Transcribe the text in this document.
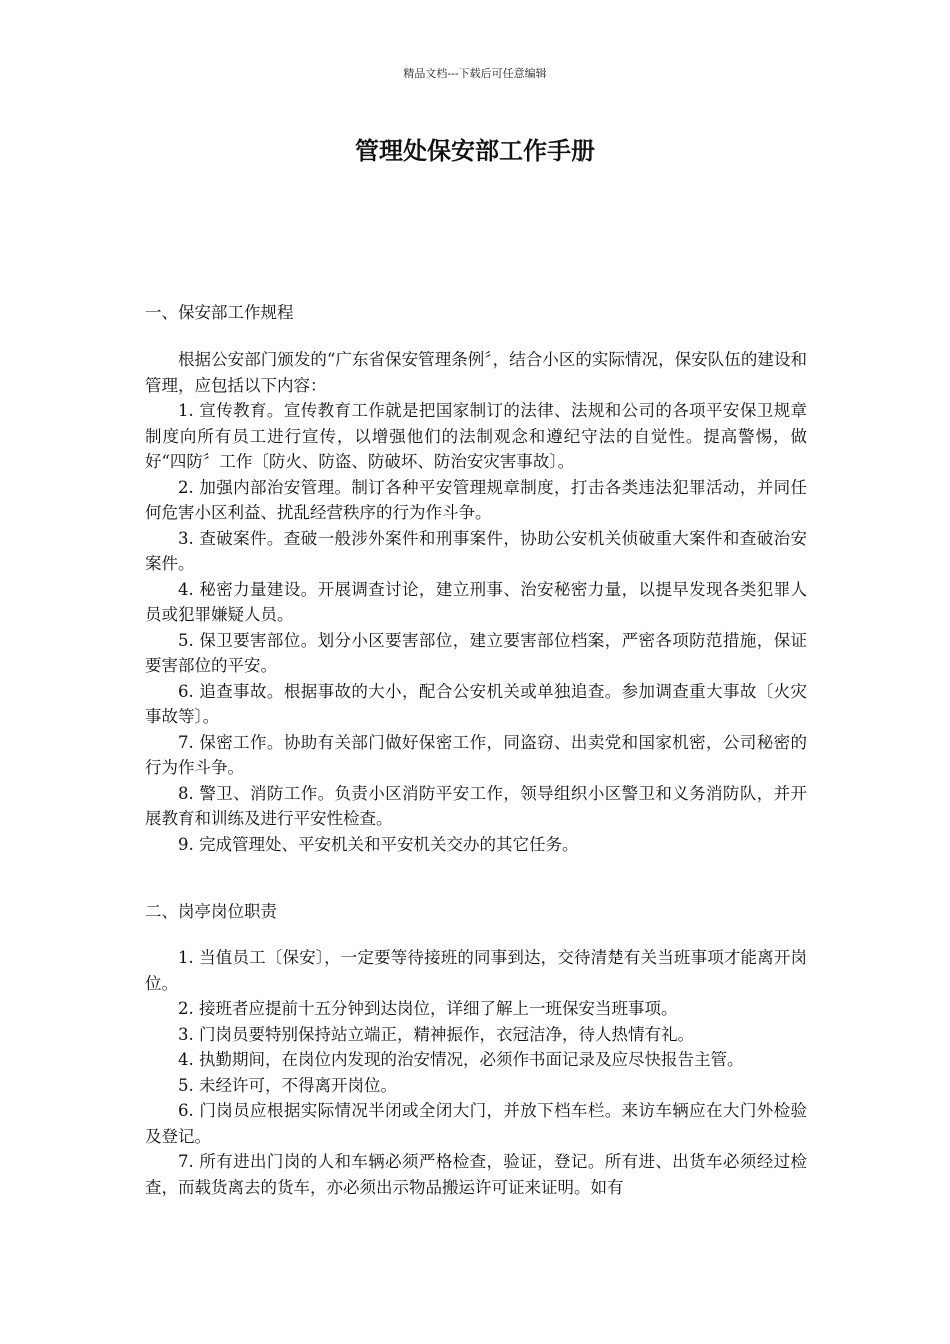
精品文档---下载后可任意编辑
管理处保安部工作手册
一、保安部工作规程

根据公安部门颁发的“广东省保安管理条例〞，结合小区的实际情况，保安队伍的建设和管理，应包括以下内容：

1. 宣传教育。宣传教育工作就是把国家制订的法律、法规和公司的各项平安保卫规章制度向所有员工进行宣传，以增强他们的法制观念和遵纪守法的自觉性。提高警惕，做好“四防〞工作〔防火、防盗、防破坏、防治安灾害事故〕。

2. 加强内部治安管理。制订各种平安管理规章制度，打击各类违法犯罪活动，并同任何危害小区利益、扰乱经营秩序的行为作斗争。

3. 查破案件。查破一般涉外案件和刑事案件，协助公安机关侦破重大案件和查破治安案件。

4. 秘密力量建设。开展调查讨论，建立刑事、治安秘密力量，以提早发现各类犯罪人员或犯罪嫌疑人员。

5. 保卫要害部位。划分小区要害部位，建立要害部位档案，严密各项防范措施，保证要害部位的平安。

6. 追查事故。根据事故的大小，配合公安机关或单独追查。参加调查重大事故〔火灾事故等〕。

7. 保密工作。协助有关部门做好保密工作，同盗窃、出卖党和国家机密，公司秘密的行为作斗争。

8. 警卫、消防工作。负责小区消防平安工作，领导组织小区警卫和义务消防队，并开展教育和训练及进行平安性检查。

9. 完成管理处、平安机关和平安机关交办的其它任务。

二、岗亭岗位职责

1. 当值员工〔保安〕，一定要等待接班的同事到达，交待清楚有关当班事项才能离开岗位。

2. 接班者应提前十五分钟到达岗位，详细了解上一班保安当班事项。

3. 门岗员要特别保持站立端正，精神振作，衣冠洁净，待人热情有礼。

4. 执勤期间，在岗位内发现的治安情况，必须作书面记录及应尽快报告主管。

5. 未经许可，不得离开岗位。

6. 门岗员应根据实际情况半闭或全闭大门，并放下档车栏。来访车辆应在大门外检验及登记。

7. 所有进出门岗的人和车辆必须严格检查，验证，登记。所有进、出货车必须经过检查，而载货离去的货车，亦必须出示物品搬运许可证来证明。如有
